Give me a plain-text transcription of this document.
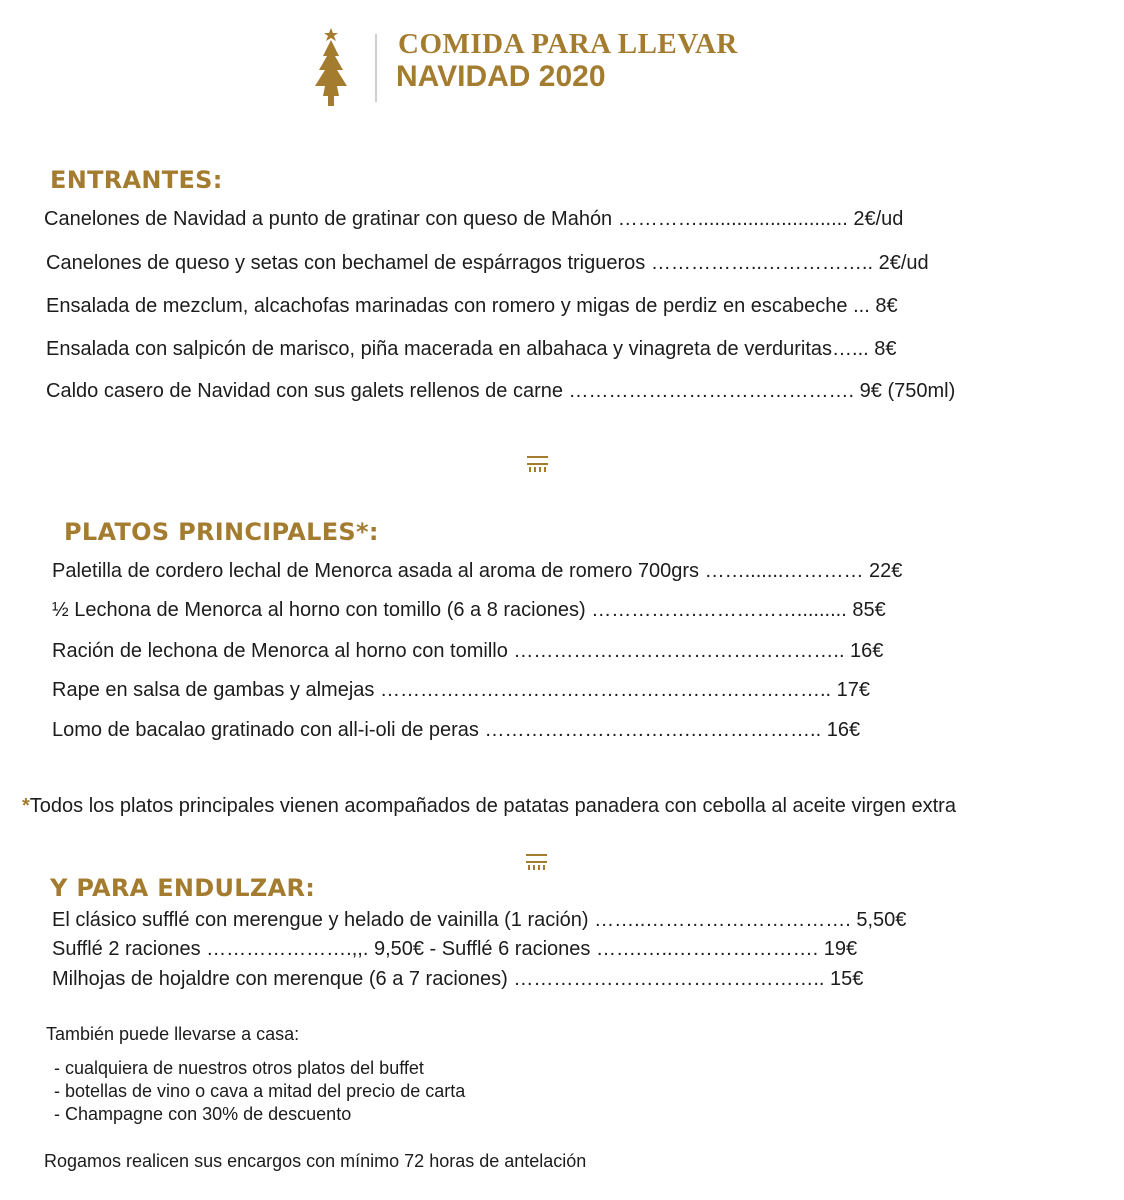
COMIDA PARA LLEVAR
NAVIDAD 2020
ENTRANTES:
Canelones de Navidad a punto de gratinar con queso de Mahón …………........................... 2€/ud
Canelones de queso y setas con bechamel de espárragos trigueros ……………..…………….. 2€/ud
Ensalada de mezclum, alcachofas marinadas con romero y migas de perdiz en escabeche ... 8€
Ensalada con salpicón de marisco, piña macerada en albahaca y vinagreta de verduritas…... 8€
Caldo casero de Navidad con sus galets rellenos de carne ……………………………………. 9€ (750ml)
PLATOS PRINCIPALES*:
Paletilla de cordero lechal de Menorca asada al aroma de romero 700grs …….......………… 22€
½ Lechona de Menorca al horno con tomillo (6 a 8 raciones) …………….……………......... 85€
Ración de lechona de Menorca al horno con tomillo ………………………………………….. 16€
Rape en salsa de gambas y almejas ………………………………………………………….. 17€
Lomo de bacalao gratinado con all-i-oli de peras ………………………….……………….. 16€
*Todos los platos principales vienen acompañados de patatas panadera con cebolla al aceite virgen extra
Y PARA ENDULZAR:
El clásico sufflé con merengue y helado de vainilla (1 ración) ……..…………………………. 5,50€
Sufflé 2 raciones ………………….,,. 9,50€ - Sufflé 6 raciones …….…..…………………. 19€
Milhojas de hojaldre con merenque (6 a 7 raciones) ……………………………………….. 15€
También puede llevarse a casa:
- cualquiera de nuestros otros platos del buffet
- botellas de vino o cava a mitad del precio de carta
- Champagne con 30% de descuento
Rogamos realicen sus encargos con mínimo 72 horas de antelación
